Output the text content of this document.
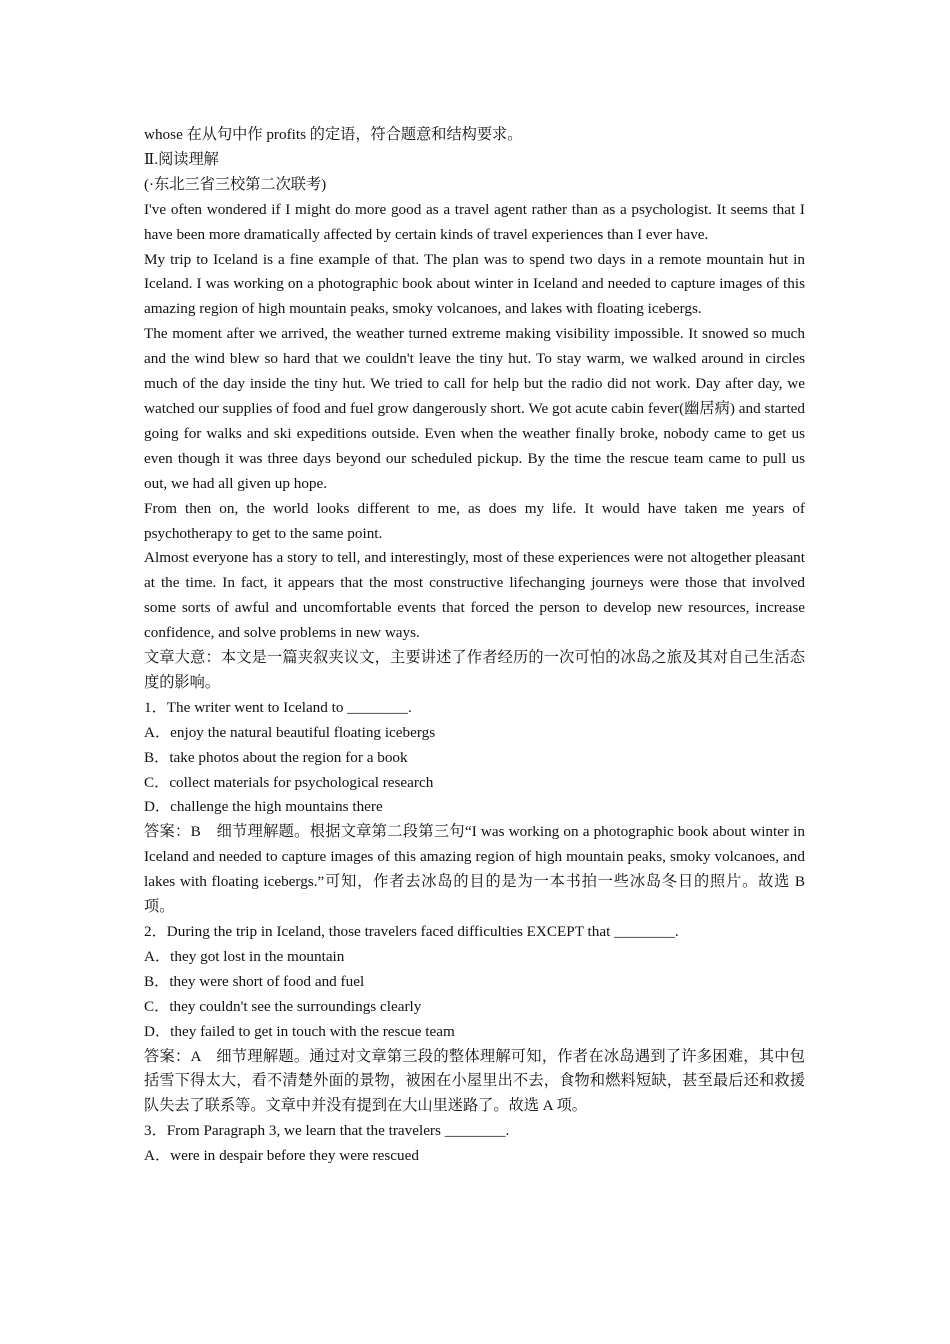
whose 在从句中作 profits 的定语，符合题意和结构要求。

Ⅱ.阅读理解

(·东北三省三校第二次联考)

I've often wondered if I might do more good as a travel agent rather than as a psychologist. It seems that I have been more dramatically affected by certain kinds of travel experiences than I ever have.

My trip to Iceland is a fine example of that. The plan was to spend two days in a remote mountain hut in Iceland. I was working on a photographic book about winter in Iceland and needed to capture images of this amazing region of high mountain peaks, smoky volcanoes, and lakes with floating icebergs.

The moment after we arrived, the weather turned extreme making visibility impossible. It snowed so much and the wind blew so hard that we couldn't leave the tiny hut. To stay warm, we walked around in circles much of the day inside the tiny hut. We tried to call for help but the radio did not work. Day after day, we watched our supplies of food and fuel grow dangerously short. We got acute cabin fever(幽居病) and started going for walks and ski expeditions outside. Even when the weather finally broke, nobody came to get us even though it was three days beyond our scheduled pickup. By the time the rescue team came to pull us out, we had all given up hope.

From then on, the world looks different to me, as does my life. It would have taken me years of psychotherapy to get to the same point.

Almost everyone has a story to tell, and interestingly, most of these experiences were not altogether pleasant at the time. In fact, it appears that the most constructive lifechanging journeys were those that involved some sorts of awful and uncomfortable events that forced the person to develop new resources, increase confidence, and solve problems in new ways.

文章大意：本文是一篇夹叙夹议文，主要讲述了作者经历的一次可怕的冰岛之旅及其对自己生活态度的影响。

1．The writer went to Iceland to ________.

A．enjoy the natural beautiful floating icebergs

B．take photos about the region for a book

C．collect materials for psychological research

D．challenge the high mountains there

答案：B　细节理解题。根据文章第二段第三句“I was working on a photographic book about winter in Iceland and needed to capture images of this amazing region of high mountain peaks, smoky volcanoes, and lakes with floating icebergs.”可知，作者去冰岛的目的是为一本书拍一些冰岛冬日的照片。故选 B 项。

2．During the trip in Iceland, those travelers faced difficulties EXCEPT that ________.

A．they got lost in the mountain

B．they were short of food and fuel

C．they couldn't see the surroundings clearly

D．they failed to get in touch with the rescue team

答案：A　细节理解题。通过对文章第三段的整体理解可知，作者在冰岛遇到了许多困难，其中包括雪下得太大，看不清楚外面的景物，被困在小屋里出不去，食物和燃料短缺，甚至最后还和救援队失去了联系等。文章中并没有提到在大山里迷路了。故选 A 项。

3．From Paragraph 3, we learn that the travelers ________.

A．were in despair before they were rescued
